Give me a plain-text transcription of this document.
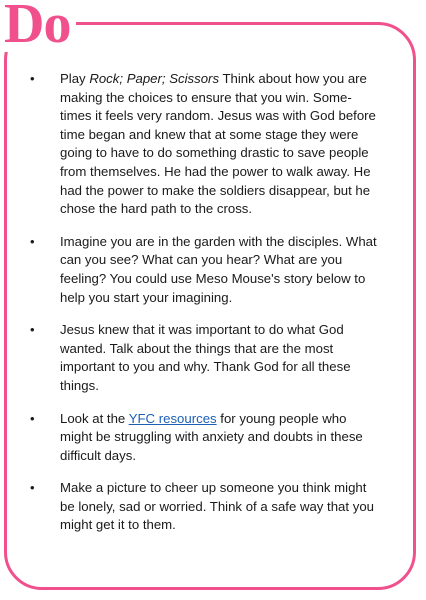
Do
• Play Rock; Paper; Scissors Think about how you are making the choices to ensure that you win. Some- times it feels very random. Jesus was with God before time began and knew that at some stage they were going to have to do something drastic to save people from themselves. He had the power to walk away. He had the power to make the soldiers disappear, but he chose the hard path to the cross.
• Imagine you are in the garden with the disciples. What can you see? What can you hear? What are you feeling? You could use Meso Mouse's story below to help you start your imagining.
• Jesus knew that it was important to do what God wanted. Talk about the things that are the most important to you and why. Thank God for all these things.
• Look at the YFC resources for young people who might be struggling with anxiety and doubts in these difficult days.
• Make a picture to cheer up someone you think might be lonely, sad or worried. Think of a safe way that you might get it to them.
